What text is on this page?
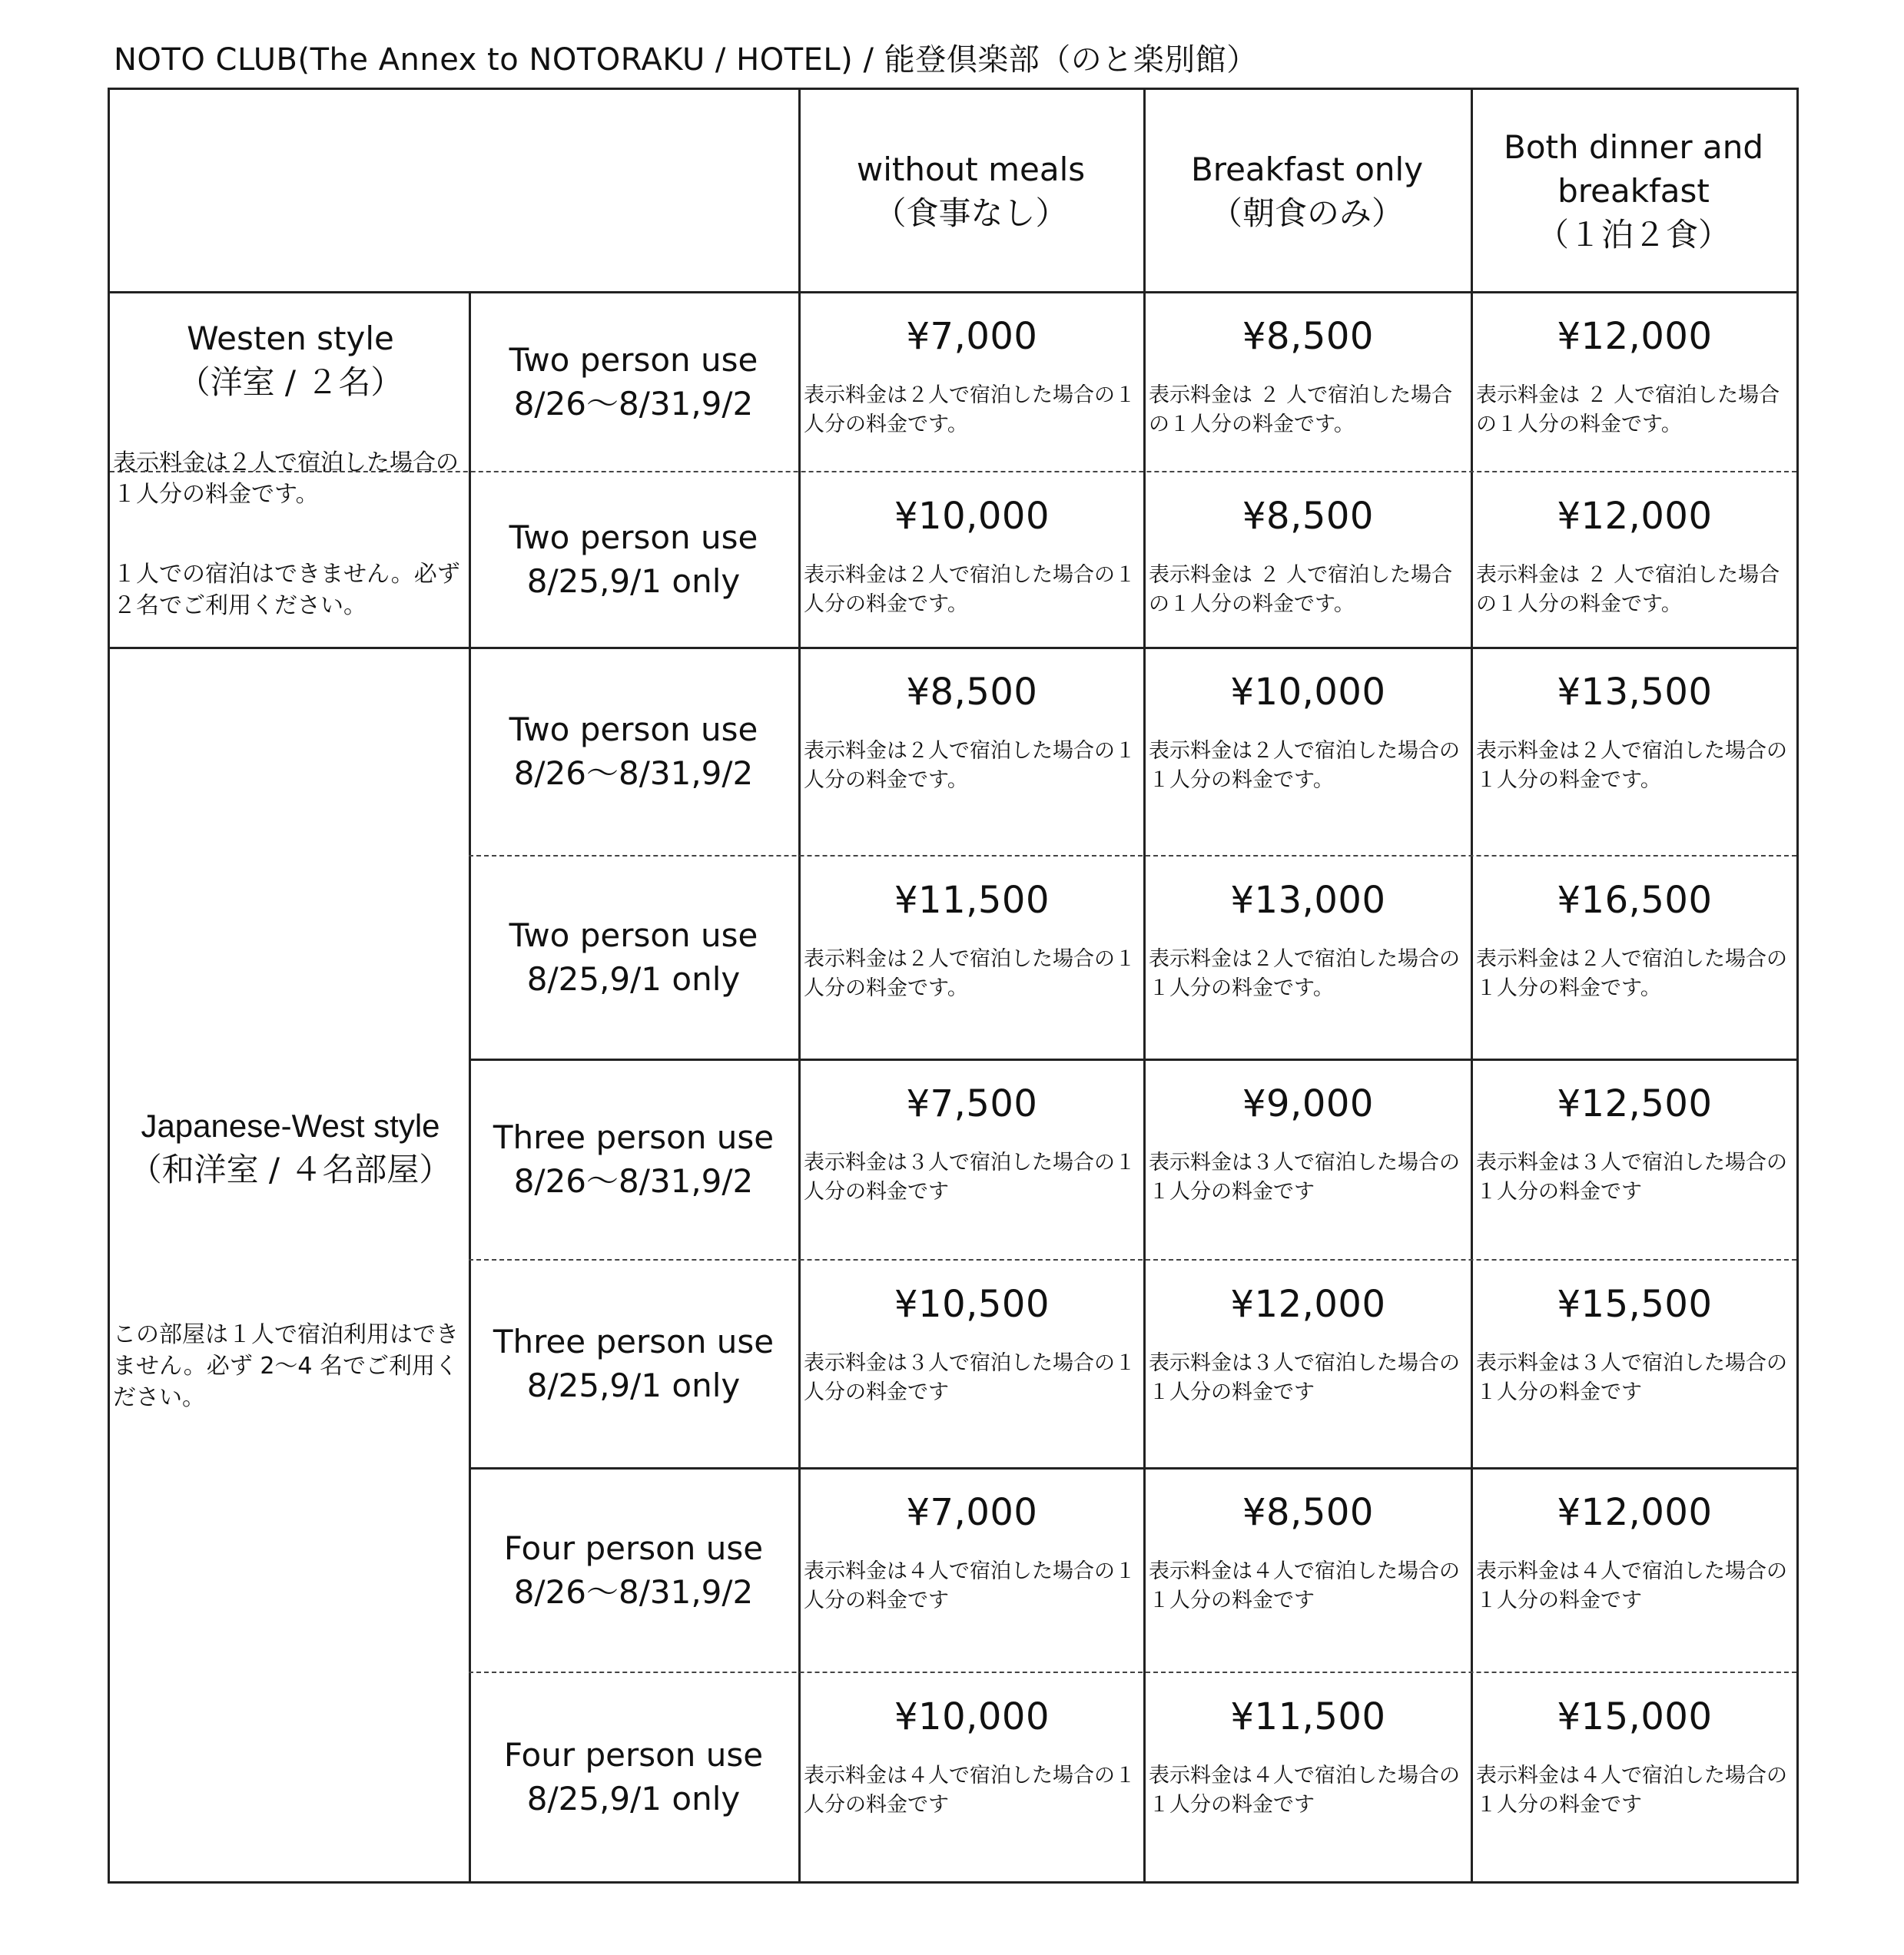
NOTO CLUB(The Annex to NOTORAKU / HOTEL) / 能登倶楽部（のと楽別館）
without meals
（食事なし）
Breakfast only
（朝食のみ）
Both dinner and breakfast
（１泊２食）
Westen style
（洋室 / ２名）
表示料金は２人で宿泊した場合の１人分の料金です。
１人での宿泊はできません。必ず２名でご利用ください。
Japanese-West style
（和洋室 / ４名部屋）
この部屋は１人で宿泊利用はできません。必ず 2～4 名でご利用ください。
Two person use
8/26～8/31,9/2
¥7,000
表示料金は２人で宿泊した場合の１人分の料金です。
¥8,500
表示料金は ２ 人で宿泊した場合の１人分の料金です。
¥12,000
表示料金は ２ 人で宿泊した場合の１人分の料金です。
Two person use
8/25,9/1 only
¥10,000
表示料金は２人で宿泊した場合の１人分の料金です。
¥8,500
表示料金は ２ 人で宿泊した場合の１人分の料金です。
¥12,000
表示料金は ２ 人で宿泊した場合の１人分の料金です。
Two person use
8/26～8/31,9/2
¥8,500
表示料金は２人で宿泊した場合の１人分の料金です。
¥10,000
表示料金は２人で宿泊した場合の１人分の料金です。
¥13,500
表示料金は２人で宿泊した場合の１人分の料金です。
Two person use
8/25,9/1 only
¥11,500
表示料金は２人で宿泊した場合の１人分の料金です。
¥13,000
表示料金は２人で宿泊した場合の１人分の料金です。
¥16,500
表示料金は２人で宿泊した場合の１人分の料金です。
Three person use
8/26～8/31,9/2
¥7,500
表示料金は３人で宿泊した場合の１人分の料金です
¥9,000
表示料金は３人で宿泊した場合の１人分の料金です
¥12,500
表示料金は３人で宿泊した場合の１人分の料金です
Three person use
8/25,9/1 only
¥10,500
表示料金は３人で宿泊した場合の１人分の料金です
¥12,000
表示料金は３人で宿泊した場合の１人分の料金です
¥15,500
表示料金は３人で宿泊した場合の１人分の料金です
Four person use
8/26～8/31,9/2
¥7,000
表示料金は４人で宿泊した場合の１人分の料金です
¥8,500
表示料金は４人で宿泊した場合の１人分の料金です
¥12,000
表示料金は４人で宿泊した場合の１人分の料金です
Four person use
8/25,9/1 only
¥10,000
表示料金は４人で宿泊した場合の１人分の料金です
¥11,500
表示料金は４人で宿泊した場合の１人分の料金です
¥15,000
表示料金は４人で宿泊した場合の１人分の料金です
